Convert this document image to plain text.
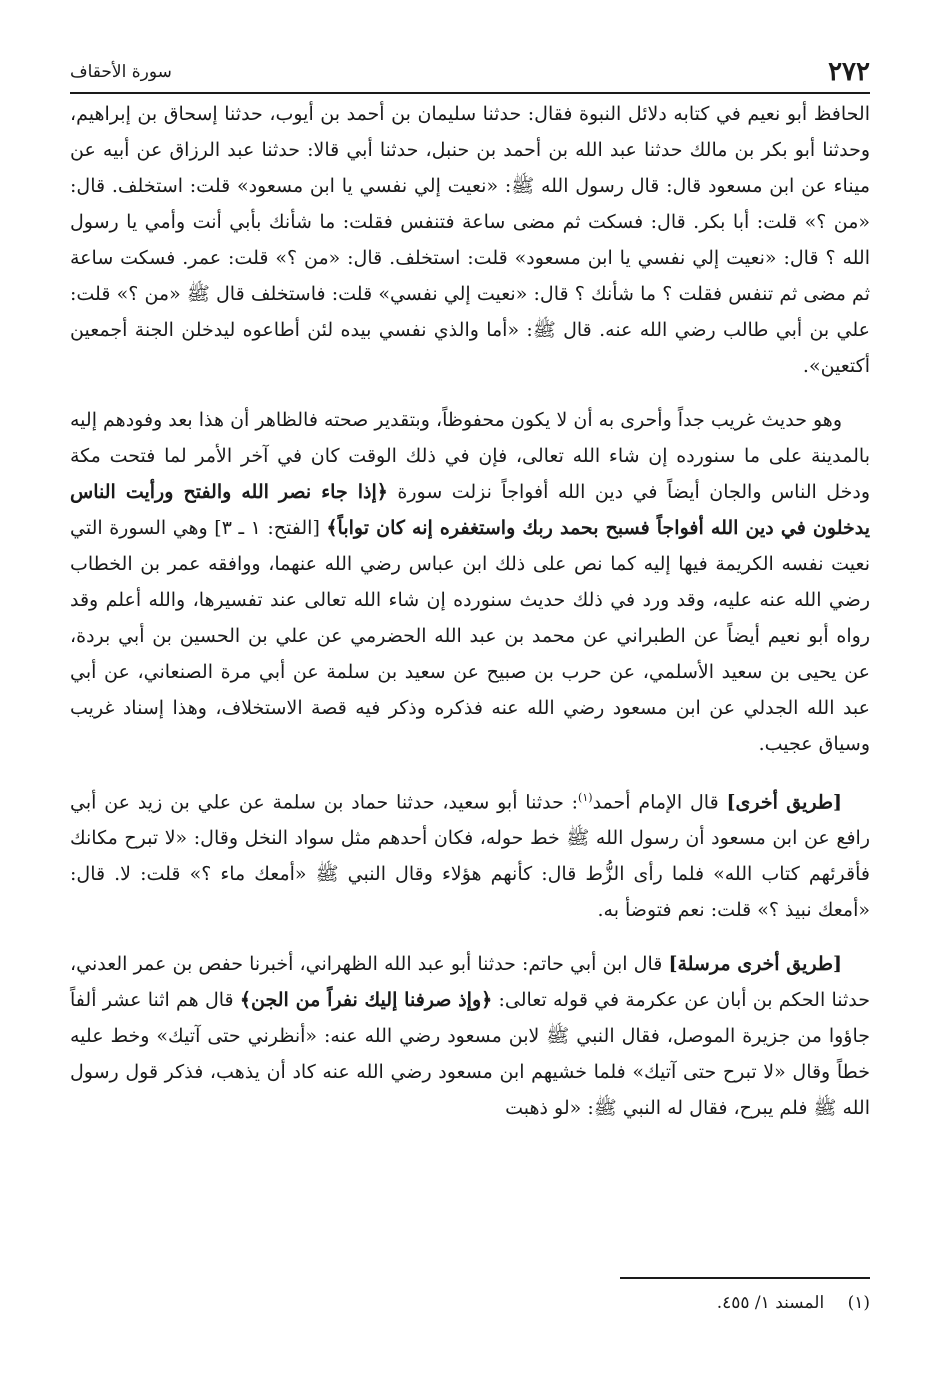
٢٧٢
سورة الأحقاف

الحافظ أبو نعيم في كتابه دلائل النبوة فقال: حدثنا سليمان بن أحمد بن أيوب، حدثنا إسحاق بن إبراهيم، وحدثنا أبو بكر بن مالك حدثنا عبد الله بن أحمد بن حنبل، حدثنا أبي قالا: حدثنا عبد الرزاق عن أبيه عن ميناء عن ابن مسعود قال: قال رسول الله ﷺ: «نعيت إلي نفسي يا ابن مسعود» قلت: استخلف. قال: «من ؟» قلت: أبا بكر. قال: فسكت ثم مضى ساعة فتنفس فقلت: ما شأنك بأبي أنت وأمي يا رسول الله ؟ قال: «نعيت إلي نفسي يا ابن مسعود» قلت: استخلف. قال: «من ؟» قلت: عمر. فسكت ساعة ثم مضى ثم تنفس فقلت ؟ ما شأنك ؟ قال: «نعيت إلي نفسي» قلت: فاستخلف قال ﷺ «من ؟» قلت: علي بن أبي طالب رضي الله عنه. قال ﷺ: «أما والذي نفسي بيده لئن أطاعوه ليدخلن الجنة أجمعين أكتعين».

وهو حديث غريب جداً وأحرى به أن لا يكون محفوظاً، وبتقدير صحته فالظاهر أن هذا بعد وفودهم إليه بالمدينة على ما سنورده إن شاء الله تعالى، فإن في ذلك الوقت كان في آخر الأمر لما فتحت مكة ودخل الناس والجان أيضاً في دين الله أفواجاً نزلت سورة ﴿إذا جاء نصر الله والفتح ورأيت الناس يدخلون في دين الله أفواجاً فسبح بحمد ربك واستغفره إنه كان تواباً﴾ [الفتح: ١ ـ ٣] وهي السورة التي نعيت نفسه الكريمة فيها إليه كما نص على ذلك ابن عباس رضي الله عنهما، ووافقه عمر بن الخطاب رضي الله عنه عليه، وقد ورد في ذلك حديث سنورده إن شاء الله تعالى عند تفسيرها، والله أعلم وقد رواه أبو نعيم أيضاً عن الطبراني عن محمد بن عبد الله الحضرمي عن علي بن الحسين بن أبي بردة، عن يحيى بن سعيد الأسلمي، عن حرب بن صبيح عن سعيد بن سلمة عن أبي مرة الصنعاني، عن أبي عبد الله الجدلي عن ابن مسعود رضي الله عنه فذكره وذكر فيه قصة الاستخلاف، وهذا إسناد غريب وسياق عجيب.

[طريق أخرى] قال الإمام أحمد$^{(١)}$: حدثنا أبو سعيد، حدثنا حماد بن سلمة عن علي بن زيد عن أبي رافع عن ابن مسعود أن رسول الله ﷺ خط حوله، فكان أحدهم مثل سواد النخل وقال: «لا تبرح مكانك فأقرئهم كتاب الله» فلما رأى الزُّط قال: كأنهم هؤلاء وقال النبي ﷺ «أمعك ماء ؟» قلت: لا. قال: «أمعك نبيذ ؟» قلت: نعم فتوضأ به.

[طريق أخرى مرسلة] قال ابن أبي حاتم: حدثنا أبو عبد الله الظهراني، أخبرنا حفص بن عمر العدني، حدثنا الحكم بن أبان عن عكرمة في قوله تعالى: ﴿وإذ صرفنا إليك نفراً من الجن﴾ قال هم اثنا عشر ألفاً جاؤوا من جزيرة الموصل، فقال النبي ﷺ لابن مسعود رضي الله عنه: «أنظرني حتى آتيك» وخط عليه خطاً وقال «لا تبرح حتى آتيك» فلما خشيهم ابن مسعود رضي الله عنه كاد أن يذهب، فذكر قول رسول الله ﷺ فلم يبرح، فقال له النبي ﷺ: «لو ذهبت

(١) المسند ١/ ٤٥٥.
